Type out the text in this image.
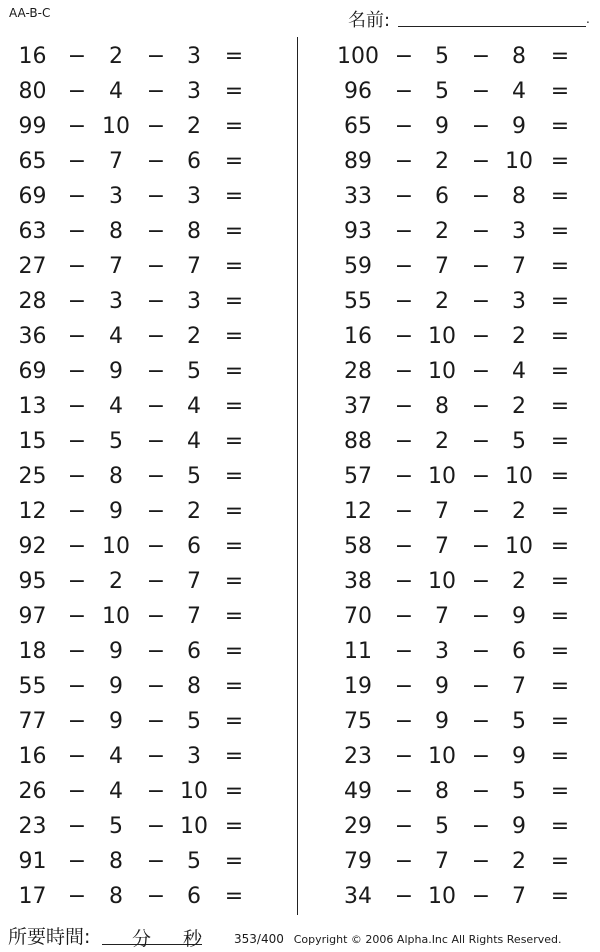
AA-B-C	名前:	.
16 −	2	− 3	=
80 −	4	− 3	=
99 − 10 − 2	=
65 −	7	− 6	=
69 −	3	− 3	=
63 −	8	− 8	=
27 −	7	− 7	=
28 −	3	− 3	=
36 −	4	− 2	=
69 −	9	− 5	=
13 −	4	− 4	=
15 −	5	− 4	=
25 −	8	− 5	=
12 −	9	− 2	=
92 − 10 − 6	=
95 −	2	− 7	=
97 − 10 − 7	=
18 −	9	− 6	=
55 −	9	− 8	=
77 −	9	− 5	=
16 −	4	− 3	=
26 −	4	− 10 =
23 −	5	− 10 =
91 −	8	− 5	=
17 −	8	− 6	=
100 − 5	− 8	=
96	− 5	− 4	=
65	− 9	− 9	=
89	− 2	− 10 =
33	− 6	− 8	=
93	− 2	− 3	=
59	− 7	− 7	=
55	− 2	− 3	=
16	− 10 − 2	=
28	− 10 − 4	=
37	− 8	− 2	=
88	− 2	− 5	=
57	− 10 − 10 =
12	− 7	− 2	=
58	− 7	− 10 =
38	− 10 − 2	=
70	− 7	− 9	=
11	− 3	− 6	=
19	− 9	− 7	=
75	− 9	− 5	=
23	− 10 − 9	=
49	− 8	− 5	=
29	− 5	− 9	=
79	− 7	− 2	=
34	− 10 − 7	=
所要時間: 分 秒	353/400 Copyright © 2006 Alpha.Inc All Rights Reserved.
